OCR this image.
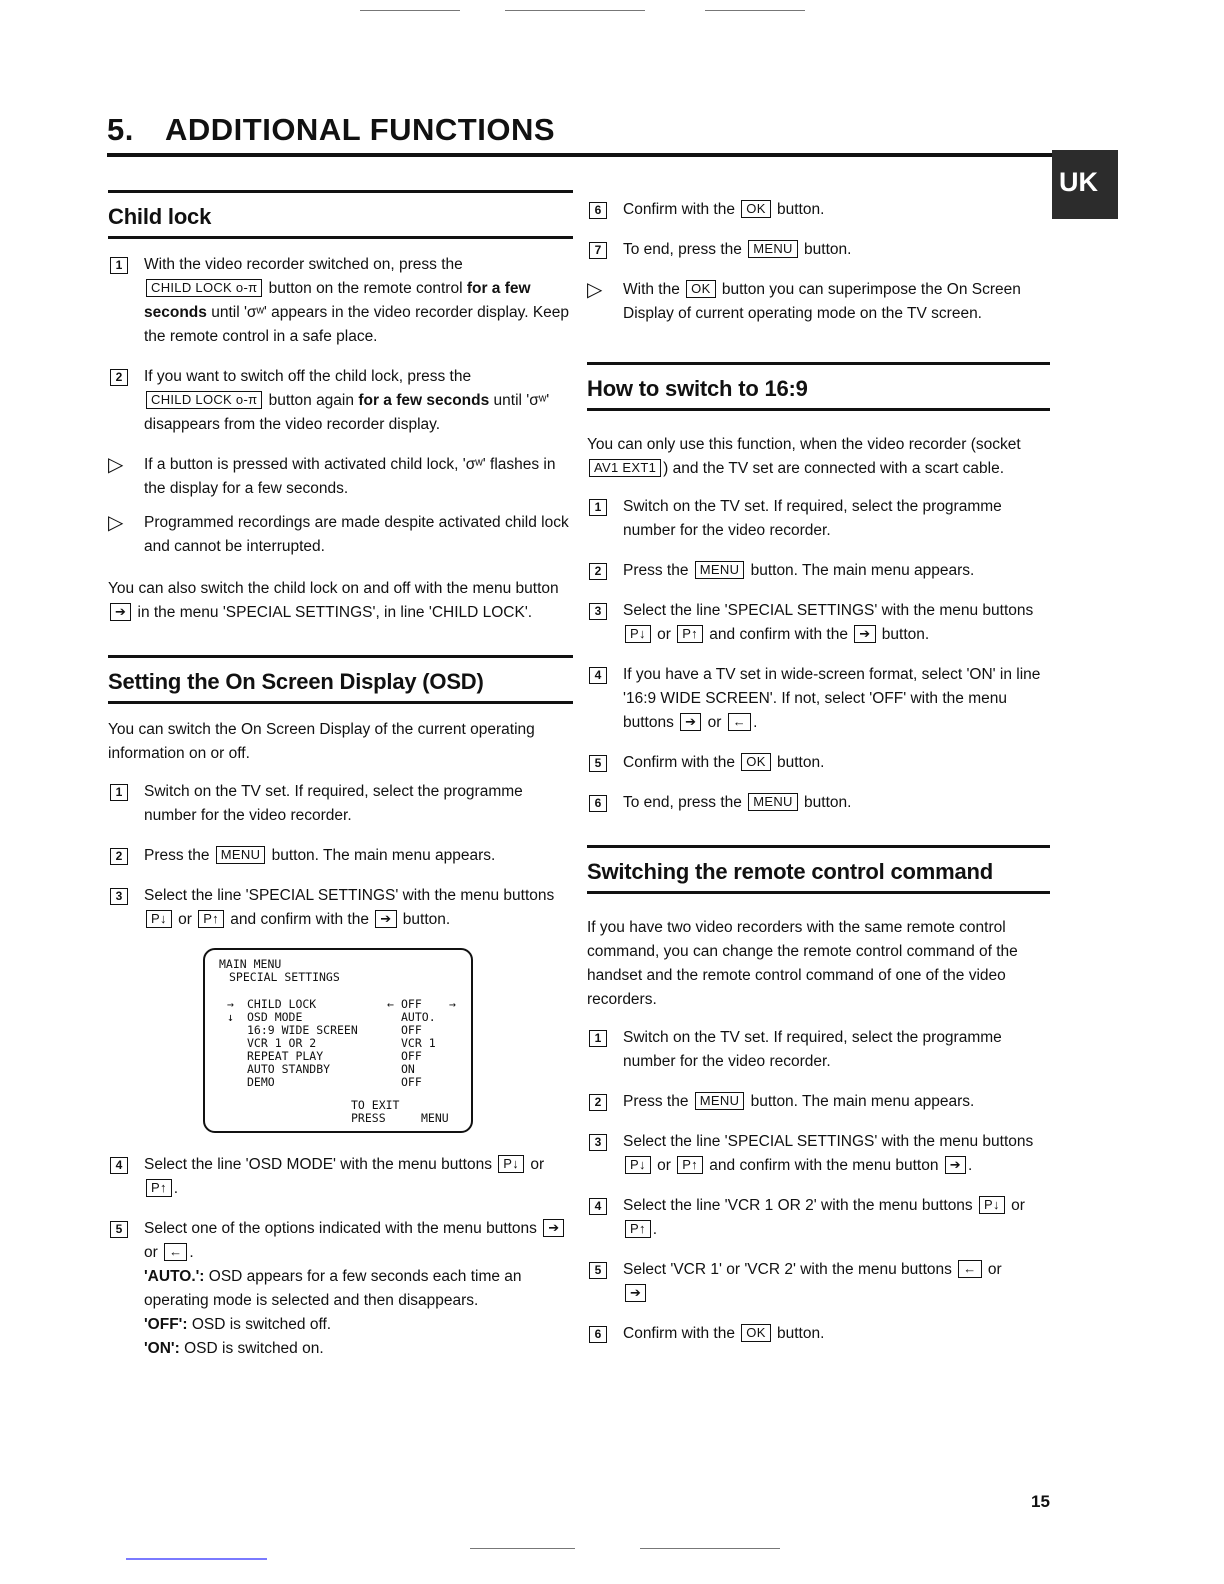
5. ADDITIONAL FUNCTIONS
UK
Child lock
1	With the video recorder switched on, press the CHILD LOCK o-π button on the remote control for a few seconds until 'σʷ' appears in the video recorder display. Keep the remote control in a safe place.
2	If you want to switch off the child lock, press the CHILD LOCK o-π button again for a few seconds until 'σʷ' disappears from the video recorder display.
▷ If a button is pressed with activated child lock, 'σʷ' flashes in the display for a few seconds.
▷ Programmed recordings are made despite activated child lock and cannot be interrupted.

You can also switch the child lock on and off with the menu button ➔ in the menu 'SPECIAL SETTINGS', in line 'CHILD LOCK'.

Setting the On Screen Display (OSD)

You can switch the On Screen Display of the current operating information on or off.

1	Switch on the TV set. If required, select the programme number for the video recorder.
2	Press the MENU button. The main menu appears.
3	Select the line 'SPECIAL SETTINGS' with the menu buttons P↓ or P↑ and confirm with the ➔ button.
MAIN MENU
SPECIAL SETTINGS
→	CHILD LOCK	← OFF	→
↓	OSD MODE	AUTO.
16:9 WIDE SCREEN	OFF
VCR 1 OR 2	VCR 1
REPEAT PLAY	OFF
AUTO STANDBY	ON
DEMO	OFF
TO EXIT
PRESS	MENU
4	Select the line 'OSD MODE' with the menu buttons P↓ or P↑ .
5	Select one of the options indicated with the menu buttons ➔ or ← .
'AUTO.': OSD appears for a few seconds each time an operating mode is selected and then disappears.
'OFF': OSD is switched off.
'ON': OSD is switched on.
6	Confirm with the OK button.
7	To end, press the MENU button.
▷ With the OK button you can superimpose the On Screen Display of current operating mode on the TV screen.
How to switch to 16:9

You can only use this function, when the video recorder (socket AV1 EXT1 ) and the TV set are connected with a scart cable.

1	Switch on the TV set. If required, select the programme number for the video recorder.
2	Press the MENU button. The main menu appears.
3	Select the line 'SPECIAL SETTINGS' with the menu buttons P↓ or P↑ and confirm with the ➔ button.
4	If you have a TV set in wide-screen format, select 'ON' in line '16:9 WIDE SCREEN'. If not, select 'OFF' with the menu buttons ➔ or ← .
5	Confirm with the OK button.
6	To end, press the MENU button.
Switching the remote control command

If you have two video recorders with the same remote control command, you can change the remote control command of the handset and the remote control command of one of the video recorders.

1	Switch on the TV set. If required, select the programme number for the video recorder.
2	Press the MENU button. The main menu appears.
3	Select the line 'SPECIAL SETTINGS' with the menu buttons P↓ or P↑ and confirm with the menu button ➔ .
4	Select the line 'VCR 1 OR 2' with the menu buttons P↓ or P↑ .
5	Select 'VCR 1' or 'VCR 2' with the menu buttons ← or
➔
6	Confirm with the OK button.
15
